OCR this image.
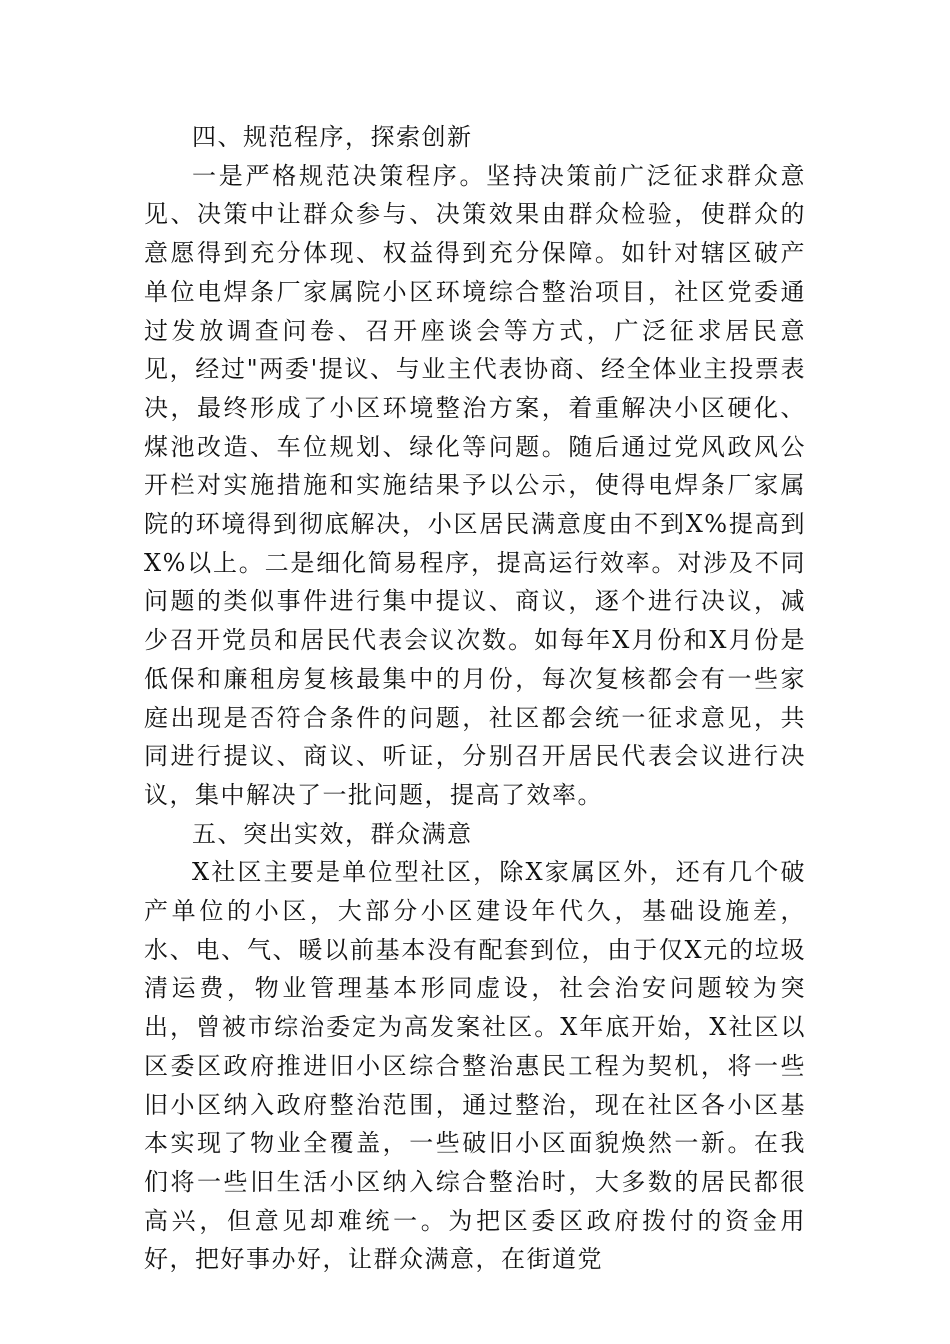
四、规范程序，探索创新

一是严格规范决策程序。坚持决策前广泛征求群众意见、决策中让群众参与、决策效果由群众检验，使群众的意愿得到充分体现、权益得到充分保障。如针对辖区破产单位电焊条厂家属院小区环境综合整治项目，社区党委通过发放调查问卷、召开座谈会等方式，广泛征求居民意见，经过"两委'提议、与业主代表协商、经全体业主投票表决，最终形成了小区环境整治方案，着重解决小区硬化、煤池改造、车位规划、绿化等问题。随后通过党风政风公开栏对实施措施和实施结果予以公示，使得电焊条厂家属院的环境得到彻底解决，小区居民满意度由不到X%提高到X%以上。二是细化简易程序，提高运行效率。对涉及不同问题的类似事件进行集中提议、商议，逐个进行决议，减少召开党员和居民代表会议次数。如每年X月份和X月份是低保和廉租房复核最集中的月份，每次复核都会有一些家庭出现是否符合条件的问题，社区都会统一征求意见，共同进行提议、商议、听证，分别召开居民代表会议进行决议，集中解决了一批问题，提高了效率。

五、突出实效，群众满意

X社区主要是单位型社区，除X家属区外，还有几个破产单位的小区，大部分小区建设年代久，基础设施差，水、电、气、暖以前基本没有配套到位，由于仅X元的垃圾清运费，物业管理基本形同虚设，社会治安问题较为突出，曾被市综治委定为高发案社区。X年底开始，X社区以区委区政府推进旧小区综合整治惠民工程为契机，将一些旧小区纳入政府整治范围，通过整治，现在社区各小区基本实现了物业全覆盖，一些破旧小区面貌焕然一新。在我们将一些旧生活小区纳入综合整治时，大多数的居民都很高兴，但意见却难统一。为把区委区政府拨付的资金用好，把好事办好，让群众满意，在街道党
